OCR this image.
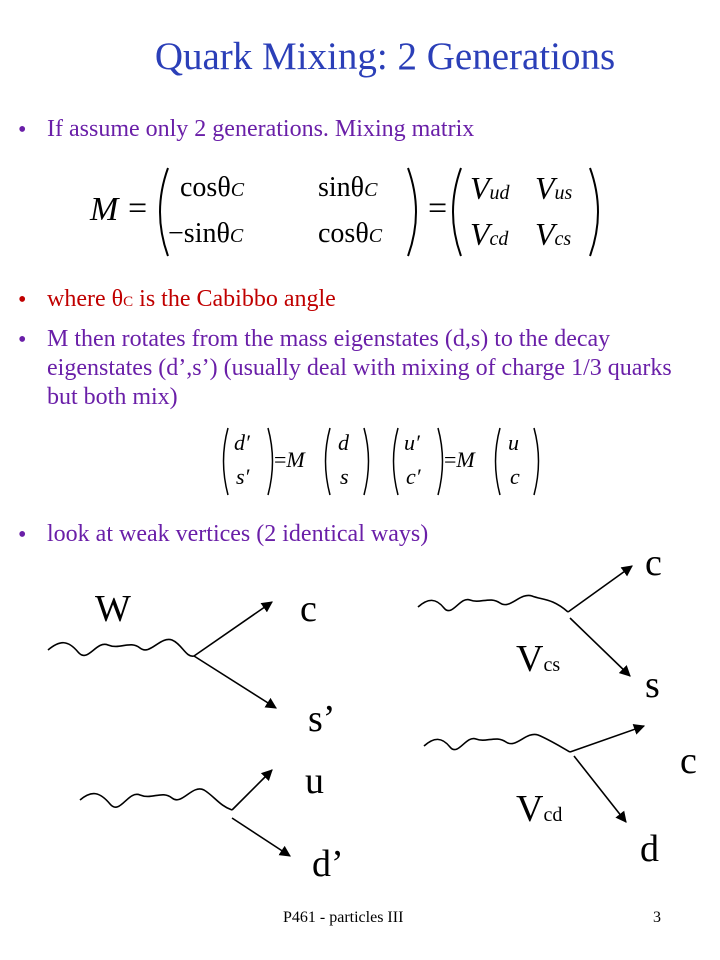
Quark Mixing: 2 Generations
• If assume only 2 generations. Mixing matrix
M =
cosθC	sinθC
−sinθC	cosθC
=
Vud Vus
Vcd Vcs
• where θC is the Cabibbo angle
• M then rotates from the mass eigenstates (d,s) to the decay eigenstates (d’,s’) (usually deal with mixing of charge 1/3 quarks but both mix)
d′
s′
=M
d
s
u′
c′
=M
u
c
• look at weak vertices (2 identical ways)
W	c
s’
u
d’
c
Vcs s
c
Vcd
d
P461 - particles III	3
